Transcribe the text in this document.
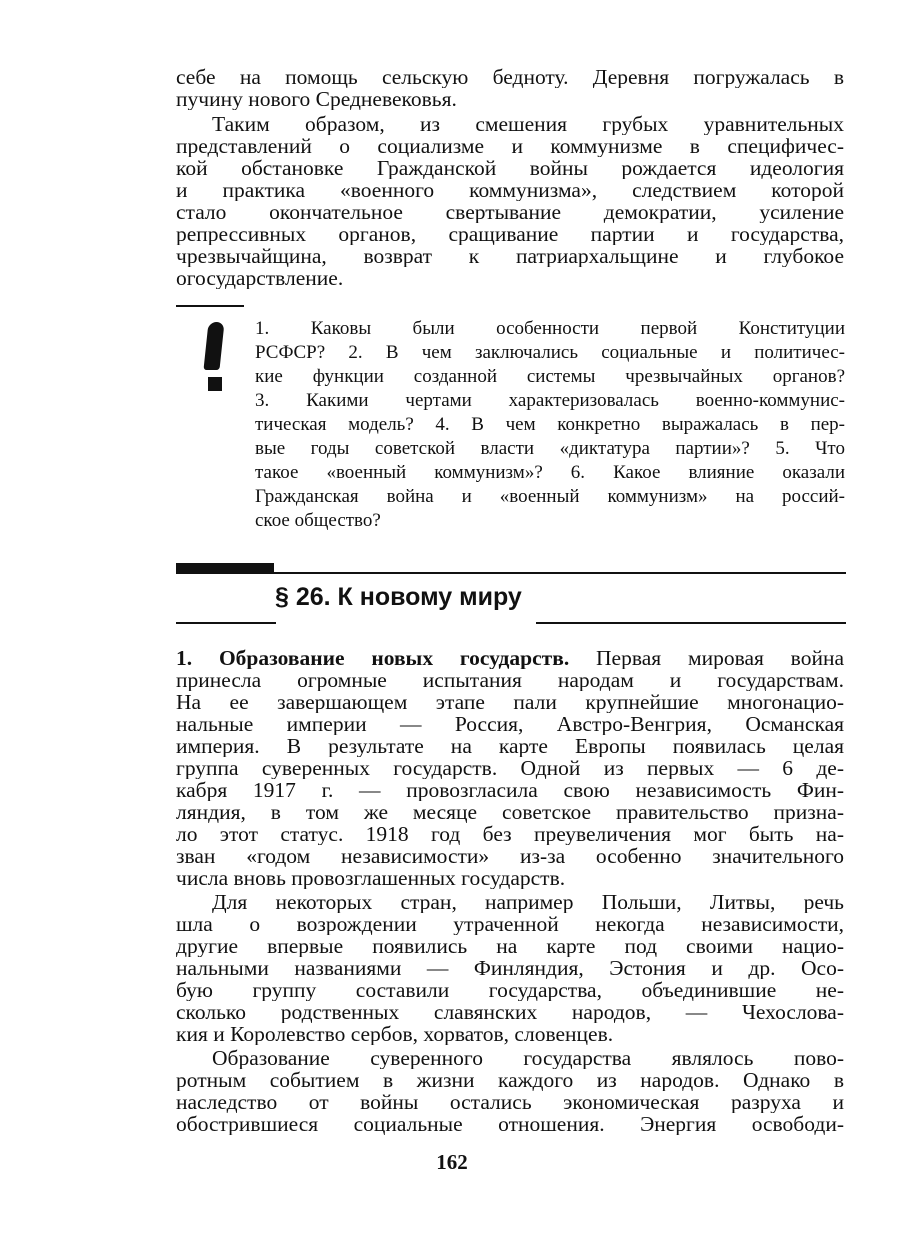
себе на помощь сельскую бедноту. Деревня погружалась в
пучину нового Средневековья.
Таким образом, из смешения грубых уравнительных
представлений о социализме и коммунизме в специфичес-
кой обстановке Гражданской войны рождается идеология
и практика «военного коммунизма», следствием которой
стало окончательное свертывание демократии, усиление
репрессивных органов, сращивание партии и государства,
чрезвычайщина, возврат к патриархальщине и глубокое
огосударствление.
1. Каковы были особенности первой Конституции
РСФСР? 2. В чем заключались социальные и политичес-
кие функции созданной системы чрезвычайных органов?
3. Какими чертами характеризовалась военно-коммунис-
тическая модель? 4. В чем конкретно выражалась в пер-
вые годы советской власти «диктатура партии»? 5. Что
такое «военный коммунизм»? 6. Какое влияние оказали
Гражданская война и «военный коммунизм» на россий-
ское общество?
§ 26. К новому миру
1. Образование новых государств. Первая мировая война
принесла огромные испытания народам и государствам.
На ее завершающем этапе пали крупнейшие многонацио-
нальные империи — Россия, Австро-Венгрия, Османская
империя. В результате на карте Европы появилась целая
группа суверенных государств. Одной из первых — 6 де-
кабря 1917 г. — провозгласила свою независимость Фин-
ляндия, в том же месяце советское правительство призна-
ло этот статус. 1918 год без преувеличения мог быть на-
зван «годом независимости» из-за особенно значительного
числа вновь провозглашенных государств.
Для некоторых стран, например Польши, Литвы, речь
шла о возрождении утраченной некогда независимости,
другие впервые появились на карте под своими нацио-
нальными названиями — Финляндия, Эстония и др. Осо-
бую группу составили государства, объединившие не-
сколько родственных славянских народов, — Чехослова-
кия и Королевство сербов, хорватов, словенцев.
Образование суверенного государства являлось пово-
ротным событием в жизни каждого из народов. Однако в
наследство от войны остались экономическая разруха и
обострившиеся социальные отношения. Энергия освободи-
162
